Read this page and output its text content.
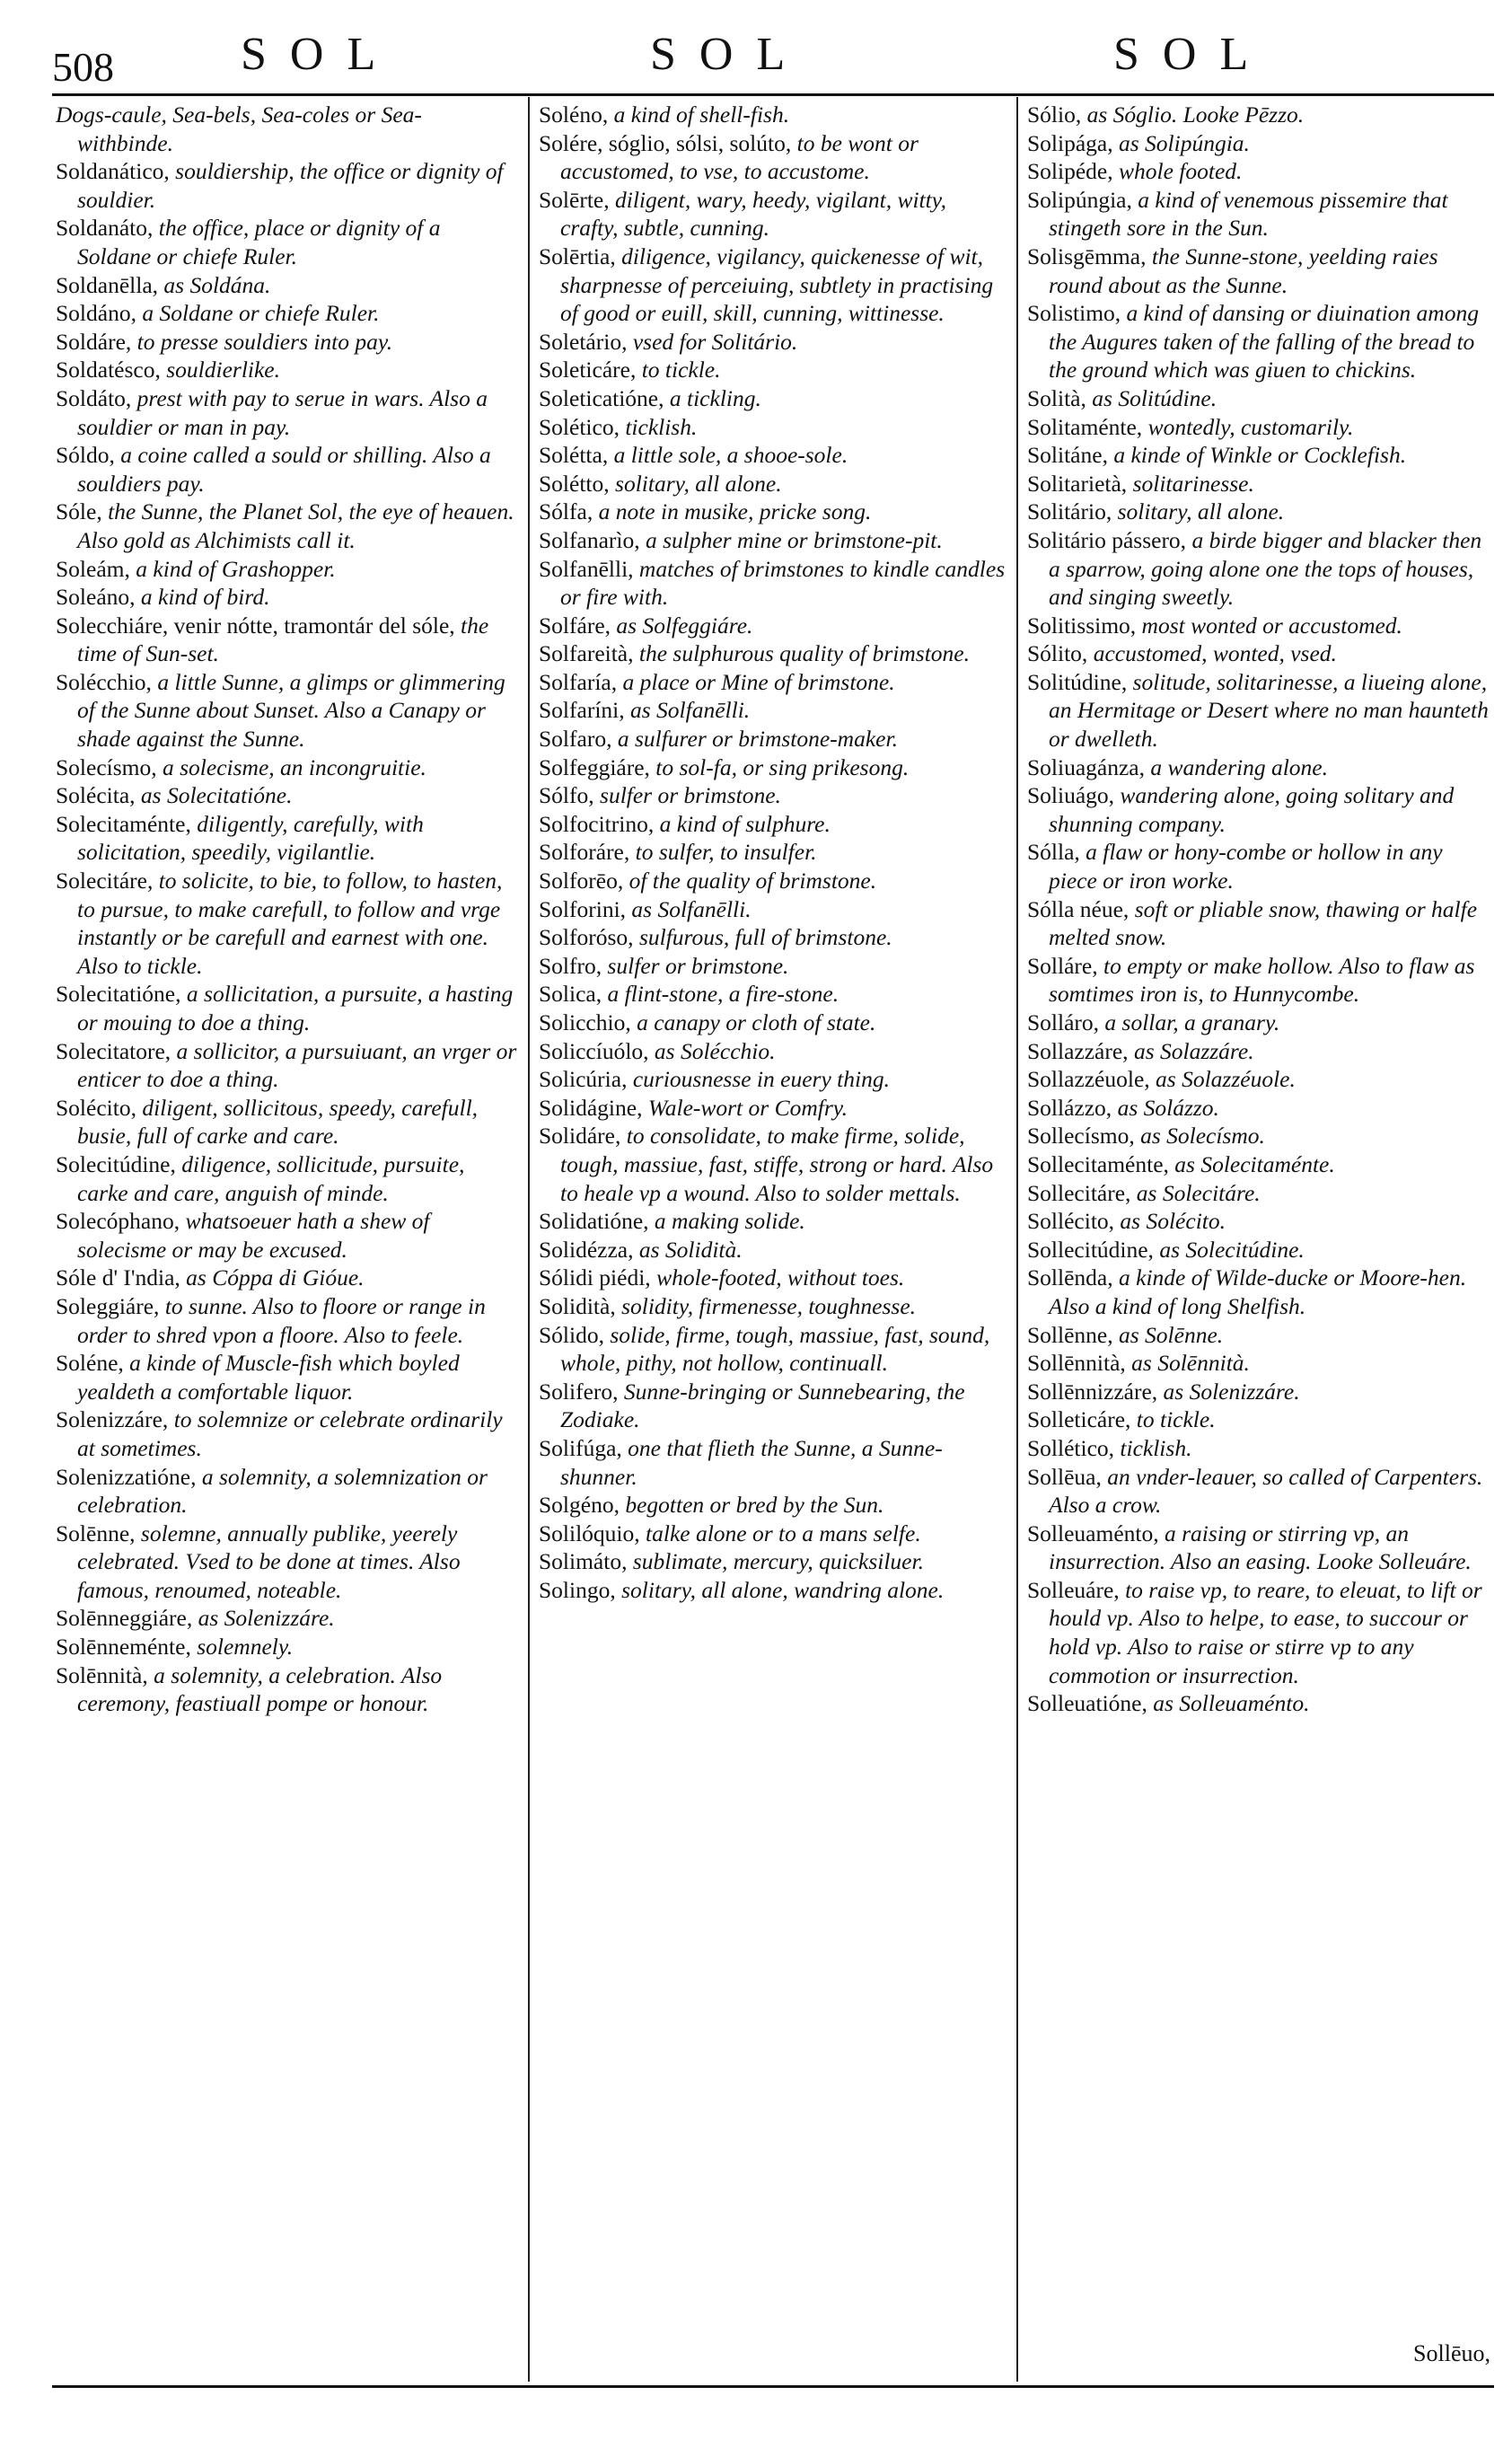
508	SOL	SOL	SOL

Dogs-caule, Sea-bels, Sea-coles or Sea-withbinde.

Soldanático, souldiership, the office or dignity of souldier.

Soldanáto, the office, place or dignity of a Soldane or chiefe Ruler.

Soldanēlla, as Soldána.

Soldáno, a Soldane or chiefe Ruler.

Soldáre, to presse souldiers into pay.

Soldatésco, souldierlike.

Soldáto, prest with pay to serue in wars. Also a souldier or man in pay.

Sóldo, a coine called a sould or shilling. Also a souldiers pay.

Sóle, the Sunne, the Planet Sol, the eye of heauen. Also gold as Alchimists call it.

Soleám, a kind of Grashopper.

Soleáno, a kind of bird.

Solecchiáre, venir nótte, tramontár del sóle, the time of Sun-set.

Solécchio, a little Sunne, a glimps or glimmering of the Sunne about Sunset. Also a Canapy or shade against the Sunne.

Solecísmo, a solecisme, an incongruitie.

Solécita, as Solecitatióne.

Solecitaménte, diligently, carefully, with solicitation, speedily, vigilantlie.

Solecitáre, to solicite, to bie, to follow, to hasten, to pursue, to make carefull, to follow and vrge instantly or be carefull and earnest with one. Also to tickle.

Solecitatióne, a sollicitation, a pursuite, a hasting or mouing to doe a thing.

Solecitatore, a sollicitor, a pursuiuant, an vrger or enticer to doe a thing.

Solécito, diligent, sollicitous, speedy, carefull, busie, full of carke and care.

Solecitúdine, diligence, sollicitude, pursuite, carke and care, anguish of minde.

Solecóphano, whatsoeuer hath a shew of solecisme or may be excused.

Sóle d' I'ndia, as Cóppa di Gióue.

Soleggiáre, to sunne. Also to floore or range in order to shred vpon a floore. Also to feele.

Soléne, a kinde of Muscle-fish which boyled yealdeth a comfortable liquor.

Solenizzáre, to solemnize or celebrate ordinarily at sometimes.

Solenizzatióne, a solemnity, a solemnization or celebration.

Solēnne, solemne, annually publike, yeerely celebrated. Vsed to be done at times. Also famous, renoumed, noteable.

Solēnneggiáre, as Solenizzáre.

Solēnneménte, solemnely.

Solēnnità, a solemnity, a celebration. Also ceremony, feastiuall pompe or honour.

Soléno, a kind of shell-fish.

Solére, sóglio, sólsi, solúto, to be wont or accustomed, to vse, to accustome.

Solērte, diligent, wary, heedy, vigilant, witty, crafty, subtle, cunning.

Solērtia, diligence, vigilancy, quickenesse of wit, sharpnesse of perceiuing, subtlety in practising of good or euill, skill, cunning, wittinesse.

Soletário, vsed for Solitário.

Soleticáre, to tickle.

Soleticatióne, a tickling.

Solético, ticklish.

Solétta, a little sole, a shooe-sole.

Solétto, solitary, all alone.

Sólfa, a note in musike, pricke song.

Solfanarìo, a sulpher mine or brimstone-pit.

Solfanēlli, matches of brimstones to kindle candles or fire with.

Solfáre, as Solfeggiáre.

Solfareità, the sulphurous quality of brimstone.

Solfaría, a place or Mine of brimstone.

Solfaríni, as Solfanēlli.

Solfaro, a sulfurer or brimstone-maker.

Solfeggiáre, to sol-fa, or sing prikesong.

Sólfo, sulfer or brimstone.

Solfocitrino, a kind of sulphure.

Solforáre, to sulfer, to insulfer.

Solforēo, of the quality of brimstone.

Solforini, as Solfanēlli.

Solforóso, sulfurous, full of brimstone.

Solfro, sulfer or brimstone.

Solica, a flint-stone, a fire-stone.

Solicchio, a canapy or cloth of state.

Soliccíuólo, as Solécchio.

Solicúria, curiousnesse in euery thing.

Solidágine, Wale-wort or Comfry.

Solidáre, to consolidate, to make firme, solide, tough, massiue, fast, stiffe, strong or hard. Also to heale vp a wound. Also to solder mettals.

Solidatióne, a making solide.

Solidézza, as Solidità.

Sólidi piédi, whole-footed, without toes.

Solidità, solidity, firmenesse, toughnesse.

Sólido, solide, firme, tough, massiue, fast, sound, whole, pithy, not hollow, continuall.

Solifero, Sunne-bringing or Sunnebearing, the Zodiake.

Solifúga, one that flieth the Sunne, a Sunne-shunner.

Solgéno, begotten or bred by the Sun.

Solilóquio, talke alone or to a mans selfe.

Solimáto, sublimate, mercury, quicksiluer.

Solingo, solitary, all alone, wandring alone.

Sólio, as Sóglio. Looke Pēzzo.

Solipága, as Solipúngia.

Solipéde, whole footed.

Solipúngia, a kind of venemous pissemire that stingeth sore in the Sun.

Solisgēmma, the Sunne-stone, yeelding raies round about as the Sunne.

Solistimo, a kind of dansing or diuination among the Augures taken of the falling of the bread to the ground which was giuen to chickins.

Solità, as Solitúdine.

Solitaménte, wontedly, customarily.

Solitáne, a kinde of Winkle or Cocklefish.

Solitarietà, solitarinesse.

Solitário, solitary, all alone.

Solitário pássero, a birde bigger and blacker then a sparrow, going alone one the tops of houses, and singing sweetly.

Solitissimo, most wonted or accustomed.

Sólito, accustomed, wonted, vsed.

Solitúdine, solitude, solitarinesse, a liueing alone, an Hermitage or Desert where no man haunteth or dwelleth.

Soliuagánza, a wandering alone.

Soliuágo, wandering alone, going solitary and shunning company.

Sólla, a flaw or hony-combe or hollow in any piece or iron worke.

Sólla néue, soft or pliable snow, thawing or halfe melted snow.

Solláre, to empty or make hollow. Also to flaw as somtimes iron is, to Hunnycombe.

Solláro, a sollar, a granary.

Sollazzáre, as Solazzáre.

Sollazzéuole, as Solazzéuole.

Sollázzo, as Solázzo.

Sollecísmo, as Solecísmo.

Sollecitaménte, as Solecitaménte.

Sollecitáre, as Solecitáre.

Sollécito, as Solécito.

Sollecitúdine, as Solecitúdine.

Sollēnda, a kinde of Wilde-ducke or Moore-hen. Also a kind of long Shelfish.

Sollēnne, as Solēnne.

Sollēnnità, as Solēnnità.

Sollēnnizzáre, as Solenizzáre.

Solleticáre, to tickle.

Sollético, ticklish.

Sollēua, an vnder-leauer, so called of Carpenters. Also a crow.

Solleuaménto, a raising or stirring vp, an insurrection. Also an easing. Looke Solleuáre.

Solleuáre, to raise vp, to reare, to eleuat, to lift or hould vp. Also to helpe, to ease, to succour or hold vp. Also to raise or stirre vp to any commotion or insurrection.

Solleuatióne, as Solleuaménto.

Sollēuo,
